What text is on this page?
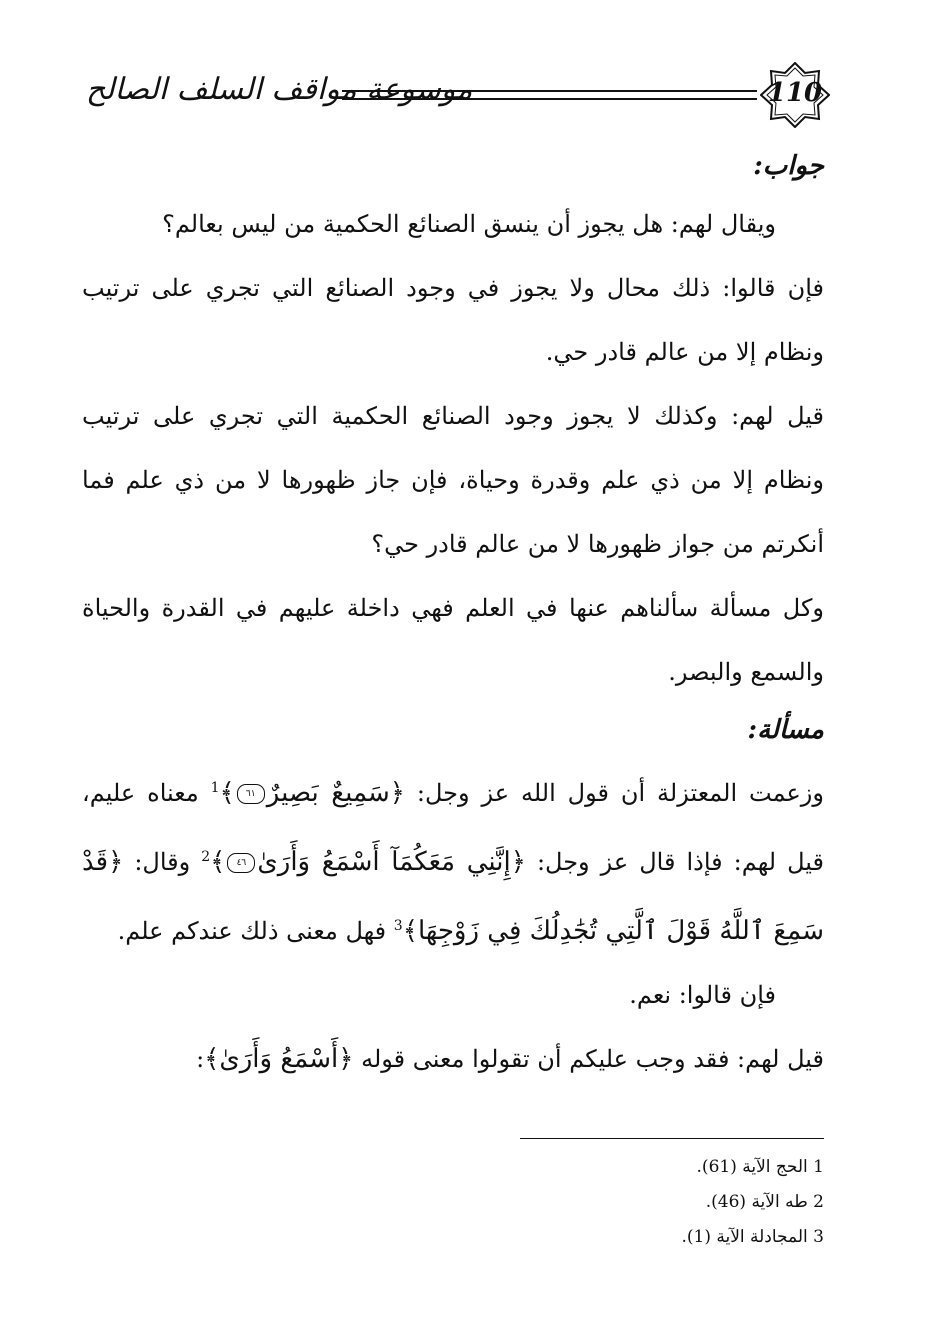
موسوعة مواقف السلف الصالح	110
جواب:
ويقال لهم: هل يجوز أن ينسق الصنائع الحكمية من ليس بعالم؟
فإن قالوا: ذلك محال ولا يجوز في وجود الصنائع التي تجري على ترتيب ونظام إلا من عالم قادر حي.
قيل لهم: وكذلك لا يجوز وجود الصنائع الحكمية التي تجري على ترتيب ونظام إلا من ذي علم وقدرة وحياة، فإن جاز ظهورها لا من ذي علم فما أنكرتم من جواز ظهورها لا من عالم قادر حي؟
وكل مسألة سألناهم عنها في العلم فهي داخلة عليهم في القدرة والحياة والسمع والبصر.
مسألة:
وزعمت المعتزلة أن قول الله عز وجل: ﴿سَمِيعٌ بَصِيرٌ٦١﴾$^1$ معناه عليم، قيل لهم: فإذا قال عز وجل: ﴿إِنَّنِي مَعَكُمَآ أَسْمَعُ وَأَرَىٰ٤٦﴾$^2$ وقال: ﴿قَدْ سَمِعَ ٱللَّهُ قَوْلَ ٱلَّتِي تُجَٰدِلُكَ فِي زَوْجِهَا﴾$^3$ فهل معنى ذلك عندكم علم.
فإن قالوا: نعم.
قيل لهم: فقد وجب عليكم أن تقولوا معنى قوله ﴿أَسْمَعُ وَأَرَىٰ﴾:
1 الحج الآية (61).
2 طه الآية (46).
3 المجادلة الآية (1).
